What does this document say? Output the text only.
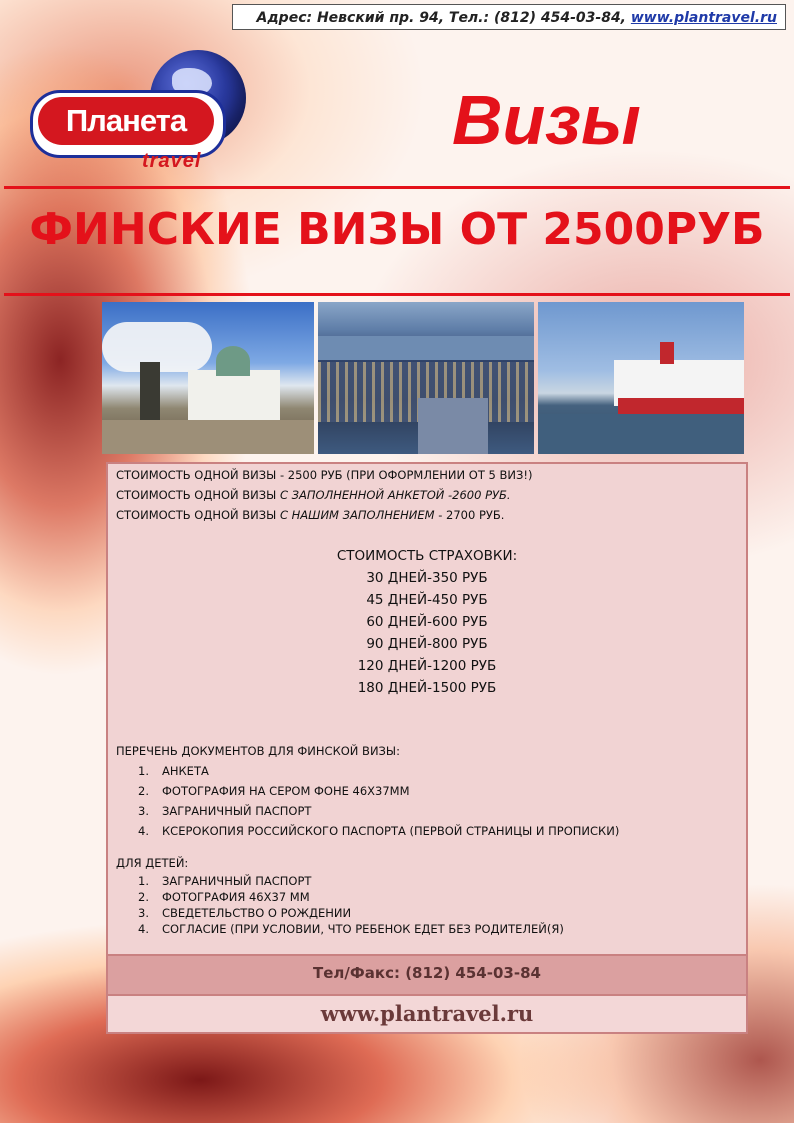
Адрес: Невский пр. 94, Тел.: (812) 454-03-84, www.plantravel.ru
Планета
travel
Визы
ФИНСКИЕ ВИЗЫ ОТ 2500РУБ
СТОИМОСТЬ ОДНОЙ ВИЗЫ - 2500 РУБ (ПРИ ОФОРМЛЕНИИ ОТ 5 ВИЗ!)
СТОИМОСТЬ ОДНОЙ ВИЗЫ С ЗАПОЛНЕННОЙ АНКЕТОЙ -2600 РУБ.
СТОИМОСТЬ ОДНОЙ ВИЗЫ С НАШИМ ЗАПОЛНЕНИЕМ - 2700 РУБ.
СТОИМОСТЬ СТРАХОВКИ:
30 ДНЕЙ-350 РУБ
45 ДНЕЙ-450 РУБ
60 ДНЕЙ-600 РУБ
90 ДНЕЙ-800 РУБ
120 ДНЕЙ-1200 РУБ
180 ДНЕЙ-1500 РУБ
ПЕРЕЧЕНЬ ДОКУМЕНТОВ ДЛЯ ФИНСКОЙ ВИЗЫ:
1. АНКЕТА
2. ФОТОГРАФИЯ НА СЕРОМ ФОНЕ 46Х37ММ
3. ЗАГРАНИЧНЫЙ ПАСПОРТ
4. КСЕРОКОПИЯ РОССИЙСКОГО ПАСПОРТА (ПЕРВОЙ СТРАНИЦЫ И ПРОПИСКИ)
ДЛЯ ДЕТЕЙ:
1. ЗАГРАНИЧНЫЙ ПАСПОРТ
2. ФОТОГРАФИЯ 46Х37 ММ
3. СВЕДЕТЕЛЬСТВО О РОЖДЕНИИ
4. СОГЛАСИЕ (ПРИ УСЛОВИИ, ЧТО РЕБЕНОК ЕДЕТ БЕЗ РОДИТЕЛЕЙ(Я)
Тел/Факс: (812) 454-03-84
www.plantravel.ru
